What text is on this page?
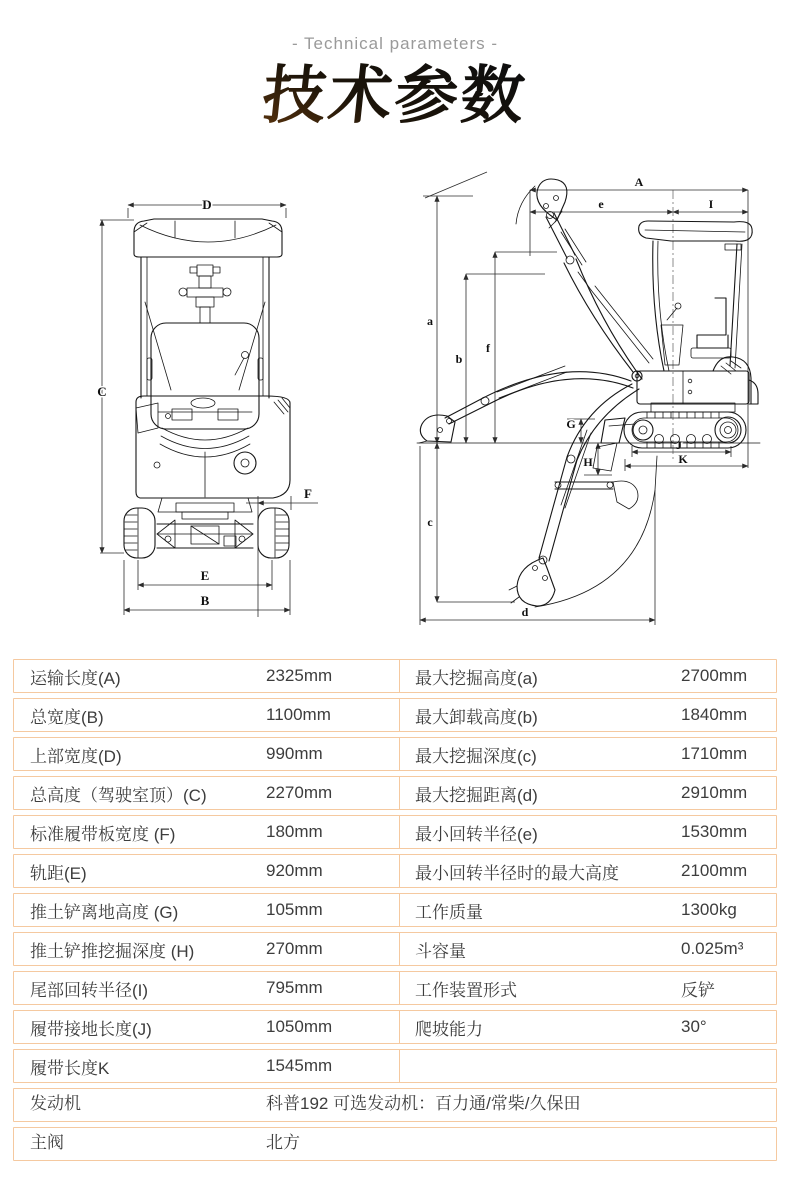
- Technical parameters -
技术参数
D
C
F
E
B
A
e	I
a
b
f
c
d
G
H
J
K
运输长度(A)	2325mm	最大挖掘高度(a)	2700mm
总宽度(B)	1100mm	最大卸载高度(b)	1840mm
上部宽度(D)	990mm	最大挖掘深度(c)	1710mm
总高度（驾驶室顶）(C)	2270mm	最大挖掘距离(d)	2910mm
标准履带板宽度 (F)	180mm	最小回转半径(e)	1530mm
轨距(E)	920mm	最小回转半径时的最大高度	2100mm
推土铲离地高度 (G)	105mm	工作质量	1300kg
推土铲推挖掘深度 (H)	270mm	斗容量	0.025m³
尾部回转半径(I)	795mm	工作装置形式	反铲
履带接地长度(J)	1050mm	爬坡能力	30°
履带长度K	1545mm
发动机	科普192 可选发动机：百力通/常柴/久保田
主阀	北方
